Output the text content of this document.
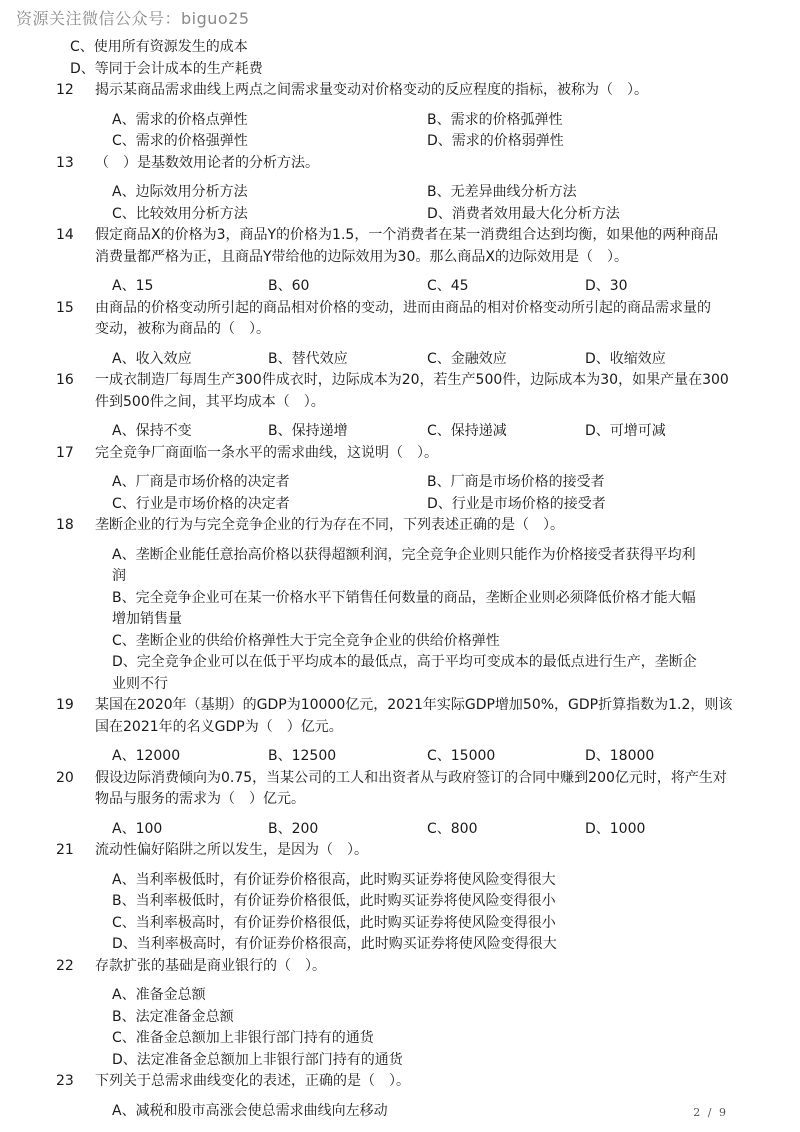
资源关注微信公众号：biguo25
C、使用所有资源发生的成本
D、等同于会计成本的生产耗费
12 揭示某商品需求曲线上两点之间需求量变动对价格变动的反应程度的指标，被称为（　）。
A、需求的价格点弹性	B、需求的价格弧弹性
C、需求的价格强弹性	D、需求的价格弱弹性
13 （　）是基数效用论者的分析方法。
A、边际效用分析方法	B、无差异曲线分析方法
C、比较效用分析方法	D、消费者效用最大化分析方法
14 假定商品X的价格为3，商品Y的价格为1.5，一个消费者在某一消费组合达到均衡，如果他的两种商品
消费量都严格为正，且商品Y带给他的边际效用为30。那么商品X的边际效用是（　）。
A、15	B、60	C、45	D、30
15 由商品的价格变动所引起的商品相对价格的变动，进而由商品的相对价格变动所引起的商品需求量的
变动，被称为商品的（　）。
A、收入效应	B、替代效应	C、金融效应	D、收缩效应
16 一成衣制造厂每周生产300件成衣时，边际成本为20，若生产500件，边际成本为30，如果产量在300
件到500件之间，其平均成本（　）。
A、保持不变	B、保持递增	C、保持递减	D、可增可减
17 完全竞争厂商面临一条水平的需求曲线，这说明（　）。
A、厂商是市场价格的决定者	B、厂商是市场价格的接受者
C、行业是市场价格的决定者	D、行业是市场价格的接受者
18 垄断企业的行为与完全竞争企业的行为存在不同，下列表述正确的是（　）。
A、垄断企业能任意抬高价格以获得超额利润，完全竞争企业则只能作为价格接受者获得平均利
润
B、完全竞争企业可在某一价格水平下销售任何数量的商品，垄断企业则必须降低价格才能大幅
增加销售量
C、垄断企业的供给价格弹性大于完全竞争企业的供给价格弹性
D、完全竞争企业可以在低于平均成本的最低点，高于平均可变成本的最低点进行生产，垄断企
业则不行
19 某国在2020年（基期）的GDP为10000亿元，2021年实际GDP增加50%，GDP折算指数为1.2，则该
国在2021年的名义GDP为（　）亿元。
A、12000	B、12500	C、15000	D、18000
20 假设边际消费倾向为0.75，当某公司的工人和出资者从与政府签订的合同中赚到200亿元时，将产生对
物品与服务的需求为（　）亿元。
A、100	B、200	C、800	D、1000
21 流动性偏好陷阱之所以发生，是因为（　）。
A、当利率极低时，有价证券价格很高，此时购买证券将使风险变得很大
B、当利率极低时，有价证券价格很低，此时购买证券将使风险变得很小
C、当利率极高时，有价证券价格很低，此时购买证券将使风险变得很小
D、当利率极高时，有价证券价格很高，此时购买证券将使风险变得很大
22 存款扩张的基础是商业银行的（　）。
A、准备金总额
B、法定准备金总额
C、准备金总额加上非银行部门持有的通货
D、法定准备金总额加上非银行部门持有的通货
23 下列关于总需求曲线变化的表述，正确的是（　）。
A、减税和股市高涨会使总需求曲线向左移动	2 / 9
